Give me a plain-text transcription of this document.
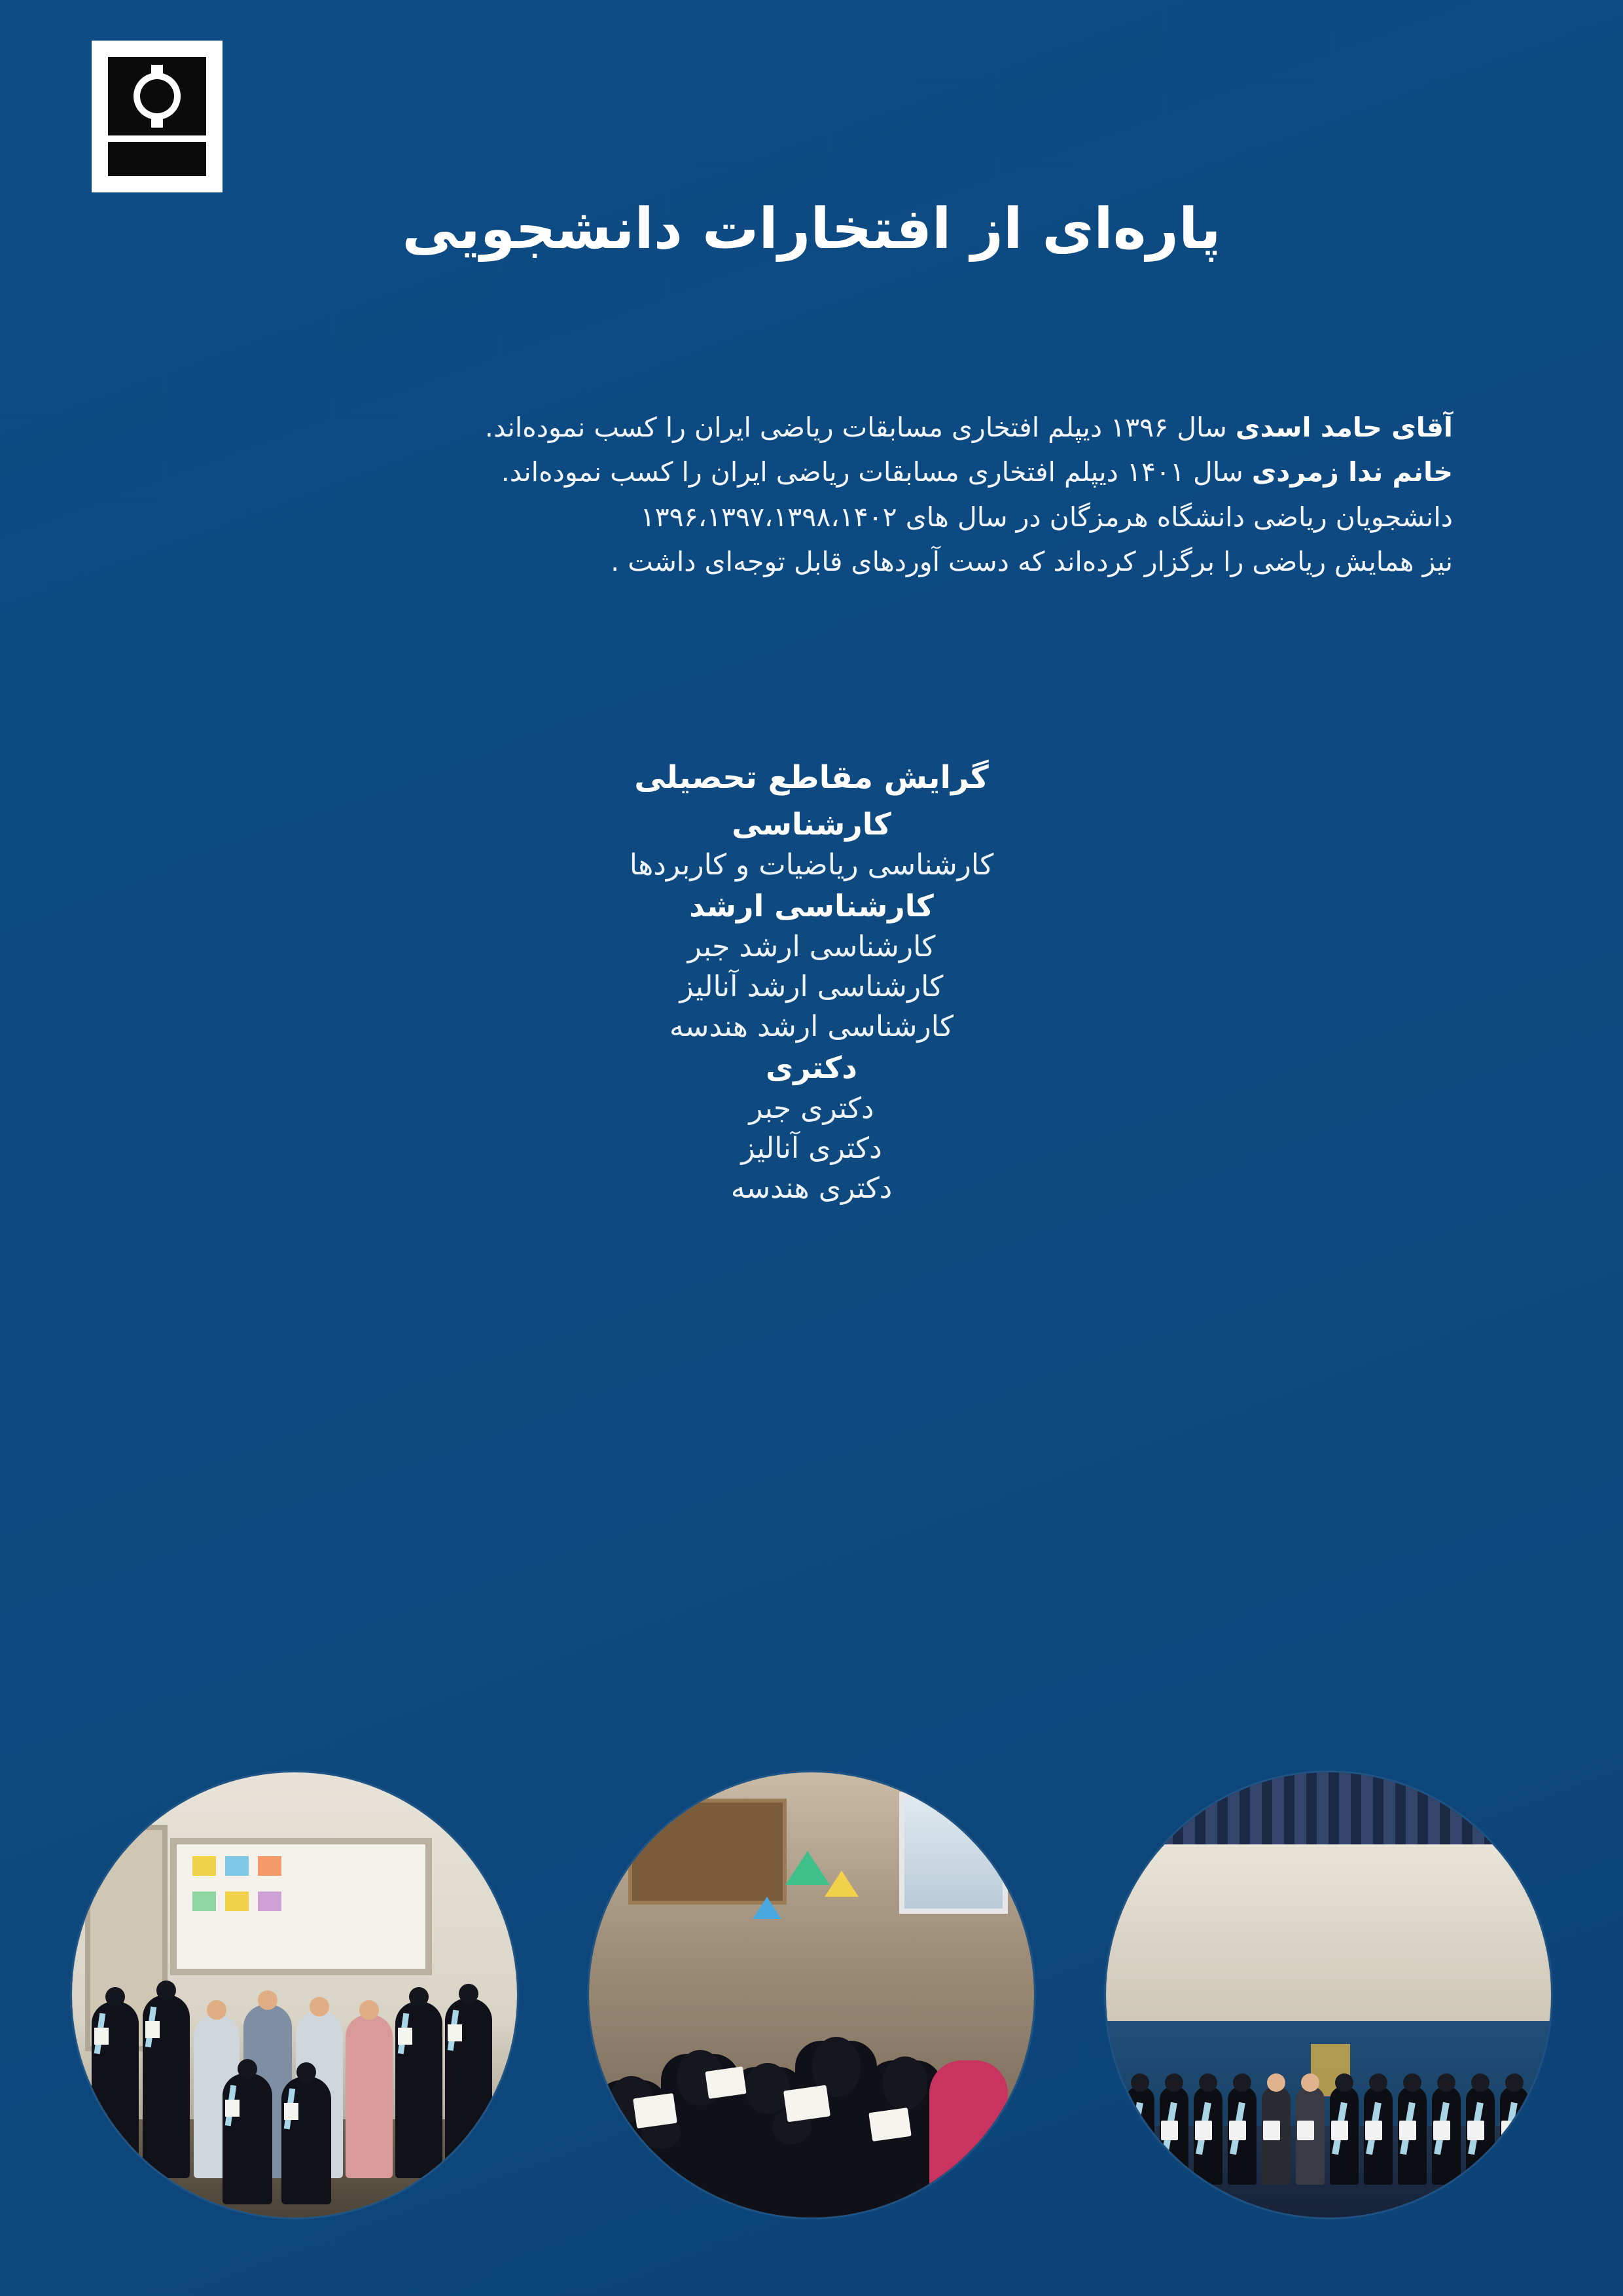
پاره‌ای از افتخارات دانشجویی

آقای حامد اسدی سال ۱۳۹۶ دیپلم افتخاری مسابقات ریاضی ایران را کسب نموده‌اند.

خانم ندا زمردی سال ۱۴۰۱ دیپلم افتخاری مسابقات ریاضی ایران را کسب نموده‌اند.

دانشجویان ریاضی دانشگاه هرمزگان در سال های ۱۳۹۶،۱۳۹۷،۱۳۹۸،۱۴۰۲

نیز همایش ریاضی را برگزار کرده‌اند که دست آوردهای قابل توجه‌ای داشت .

گرایش مقاطع تحصیلی
کارشناسی
کارشناسی ریاضیات و کاربردها
کارشناسی ارشد
کارشناسی ارشد جبر
کارشناسی ارشد آنالیز
کارشناسی ارشد هندسه
دکتری
دکتری جبر
دکتری آنالیز
دکتری هندسه
